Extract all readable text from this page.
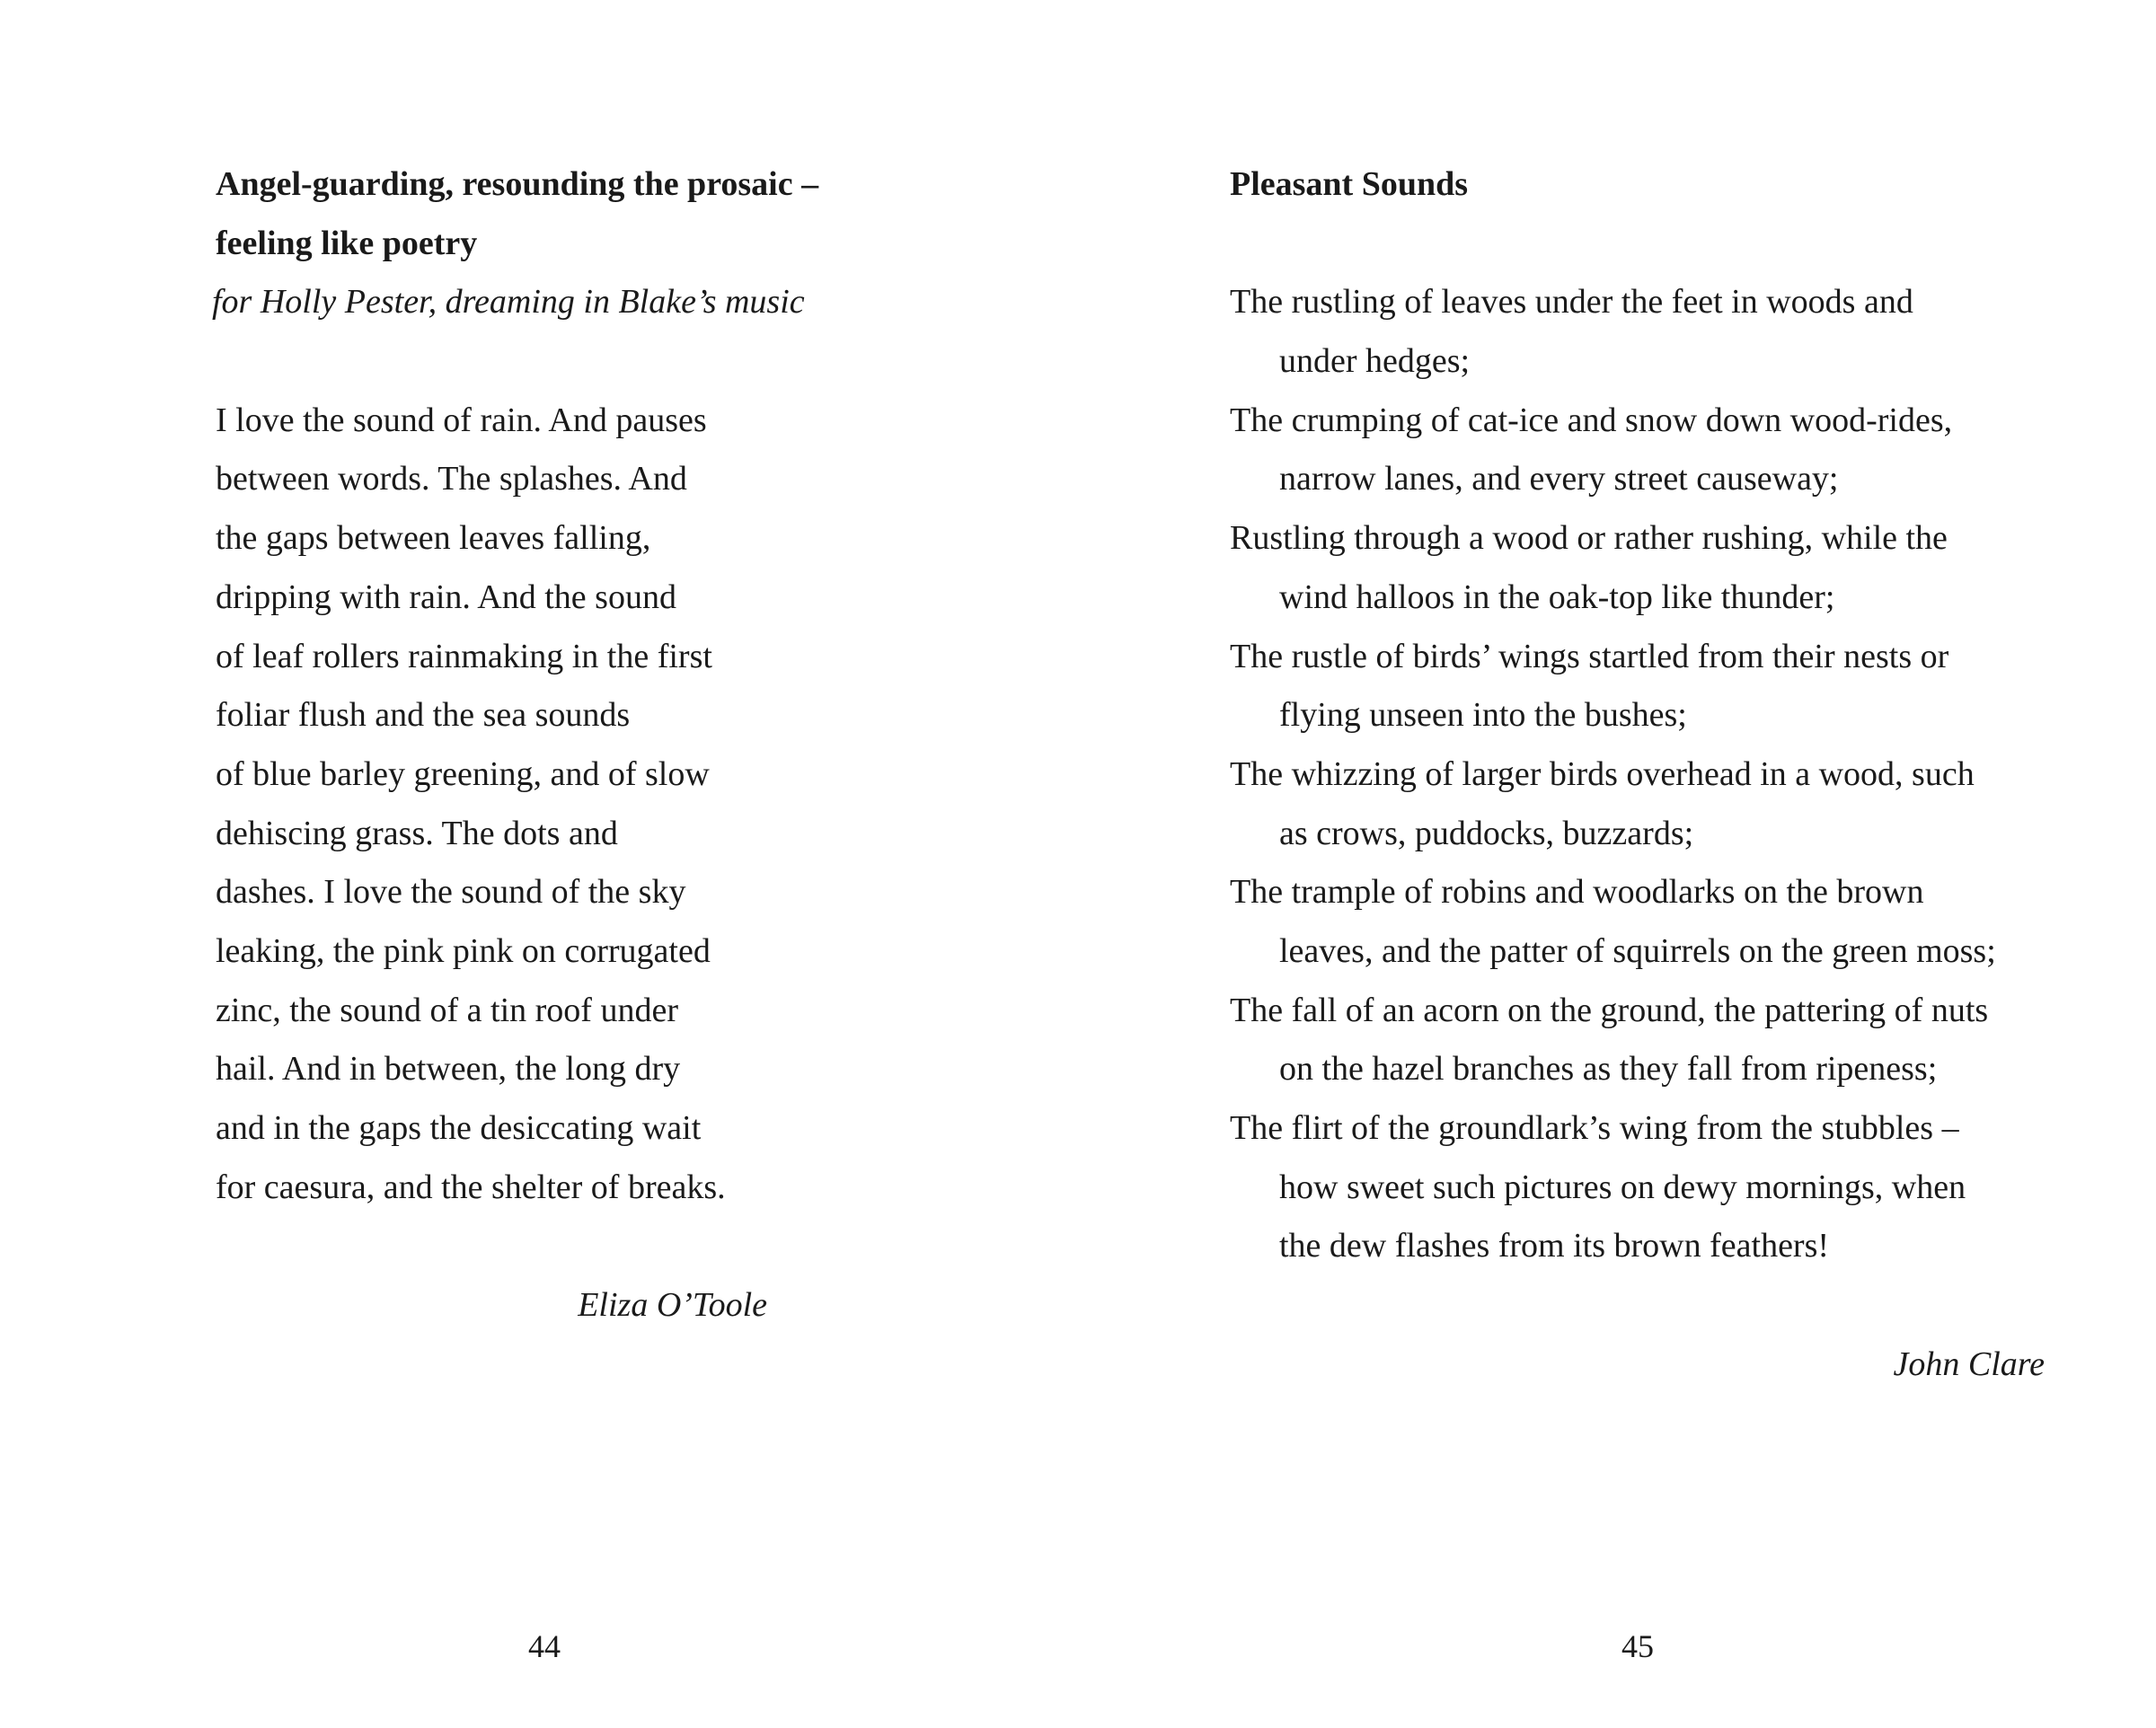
Angel-guarding, resounding the prosaic –
feeling like poetry
for Holly Pester, dreaming in Blake’s music
I love the sound of rain. And pauses
between words. The splashes. And
the gaps between leaves falling,
dripping with rain. And the sound
of leaf rollers rainmaking in the first
foliar flush and the sea sounds
of blue barley greening, and of slow
dehiscing grass. The dots and
dashes. I love the sound of the sky
leaking, the pink pink on corrugated
zinc, the sound of a tin roof under
hail. And in between, the long dry
and in the gaps the desiccating wait
for caesura, and the shelter of breaks.
Eliza O’Toole
44
Pleasant Sounds
The rustling of leaves under the feet in woods and
under hedges;
The crumping of cat-ice and snow down wood-rides,
narrow lanes, and every street causeway;
Rustling through a wood or rather rushing, while the
wind halloos in the oak-top like thunder;
The rustle of birds’ wings startled from their nests or
flying unseen into the bushes;
The whizzing of larger birds overhead in a wood, such
as crows, puddocks, buzzards;
The trample of robins and woodlarks on the brown
leaves, and the patter of squirrels on the green moss;
The fall of an acorn on the ground, the pattering of nuts
on the hazel branches as they fall from ripeness;
The flirt of the groundlark’s wing from the stubbles –
how sweet such pictures on dewy mornings, when
the dew flashes from its brown feathers!
John Clare
45
